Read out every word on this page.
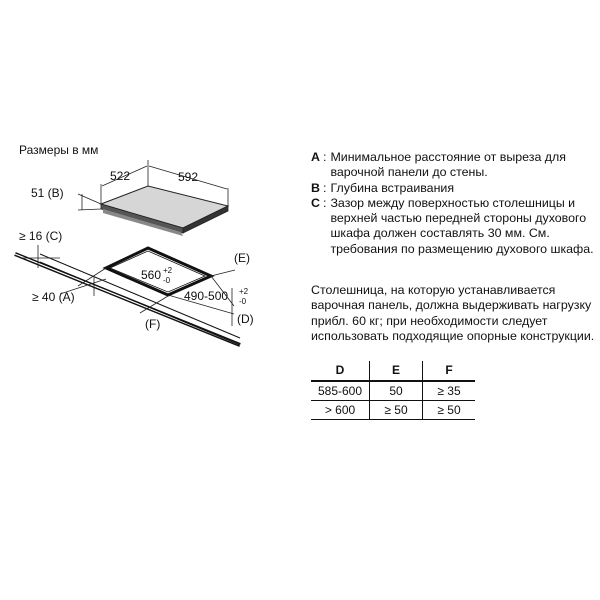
Размеры в мм
522	592
51 (B)
≥ 16 (C)
≥ 40 (A)
(E)
(D)
(F)
560 +2
-0
490-500 +2
-0
A : Минимальное расстояние от выреза для варочной панели до стены.
B : Глубина встраивания
C : Зазор между поверхностью столешницы и верхней частью передней стороны духового шкафа должен составлять 30 мм. См. требования по размещению духового шкафа.
Столешница, на которую устанавливается варочная панель, должна выдерживать нагрузку прибл. 60 кг; при необходимости следует использовать подходящие опорные конструкции.
D	E	F
585-600	50	≥ 35
> 600	≥ 50	≥ 50
